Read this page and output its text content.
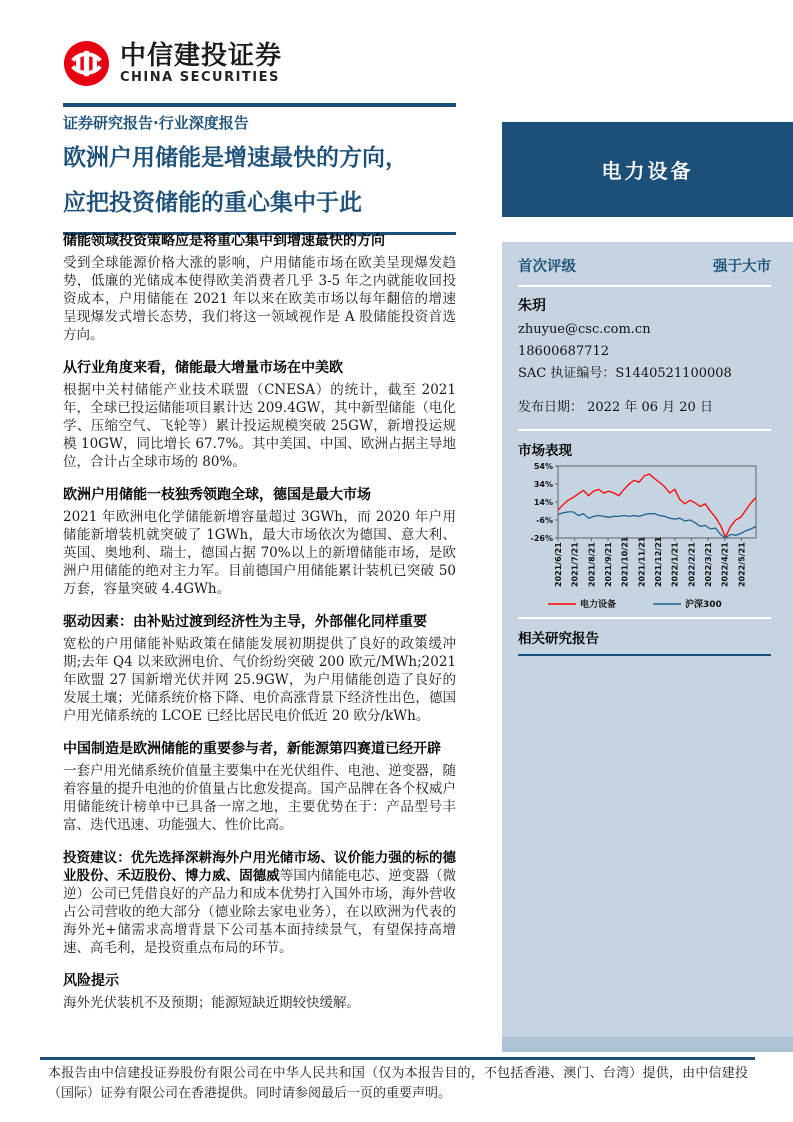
中信建投证券
CHINA SECURITIES
证券研究报告·行业深度报告
欧洲户用储能是增速最快的方向，
应把投资储能的重心集中于此
储能领域投资策略应是将重心集中到增速最快的方向

受到全球能源价格大涨的影响，户用储能市场在欧美呈现爆发趋势，低廉的光储成本使得欧美消费者几乎 3-5 年之内就能收回投资成本，户用储能在 2021 年以来在欧美市场以每年翻倍的增速呈现爆发式增长态势，我们将这一领域视作是 A 股储能投资首选方向。

从行业角度来看，储能最大增量市场在中美欧

根据中关村储能产业技术联盟（CNESA）的统计，截至 2021 年，全球已投运储能项目累计达 209.4GW，其中新型储能（电化学、压缩空气、飞轮等）累计投运规模突破 25GW，新增投运规模 10GW，同比增长 67.7%。其中美国、中国、欧洲占据主导地位，合计占全球市场的 80%。

欧洲户用储能一枝独秀领跑全球，德国是最大市场

2021 年欧洲电化学储能新增容量超过 3GWh，而 2020 年户用储能新增装机就突破了 1GWh，最大市场依次为德国、意大利、英国、奥地利、瑞士，德国占据 70%以上的新增储能市场，是欧洲户用储能的绝对主力军。目前德国户用储能累计装机已突破 50 万套，容量突破 4.4GWh。

驱动因素：由补贴过渡到经济性为主导，外部催化同样重要

宽松的户用储能补贴政策在储能发展初期提供了良好的政策缓冲期;去年 Q4 以来欧洲电价、气价纷纷突破 200 欧元/MWh;2021 年欧盟 27 国新增光伏并网 25.9GW，为户用储能创造了良好的发展土壤；光储系统价格下降、电价高涨背景下经济性出色，德国户用光储系统的 LCOE 已经比居民电价低近 20 欧分/kWh。

中国制造是欧洲储能的重要参与者，新能源第四赛道已经开辟

一套户用光储系统价值量主要集中在光伏组件、电池、逆变器，随着容量的提升电池的价值量占比愈发提高。国产品牌在各个权威户用储能统计榜单中已具备一席之地，主要优势在于：产品型号丰富、迭代迅速、功能强大、性价比高。

投资建议：优先选择深耕海外户用光储市场、议价能力强的标的德业股份、禾迈股份、博力威、固德威等国内储能电芯、逆变器（微逆）公司已凭借良好的产品力和成本优势打入国外市场，海外营收占公司营收的绝大部分（德业除去家电业务），在以欧洲为代表的海外光+储需求高增背景下公司基本面持续景气，有望保持高增速、高毛利，是投资重点布局的环节。

风险提示

海外光伏装机不及预期；能源短缺近期较快缓解。

电力设备
首次评级	强于大市
朱玥
zhuyue@csc.com.cn
18600687712
SAC 执证编号：S1440521100008
发布日期： 2022 年 06 月 20 日
市场表现
54%
34%
14%
-6%
-26%
2021/6/21 2021/7/21 2021/8/21 2021/9/21 2021/10/21 2021/11/21 2021/12/21 2022/1/21 2022/2/21 2022/3/21 2022/4/21 2022/5/21
电力设备	沪深300
相关研究报告
本报告由中信建投证券股份有限公司在中华人民共和国（仅为本报告目的，不包括香港、澳门、台湾）提供，由中信建投（国际）证券有限公司在香港提供。同时请参阅最后一页的重要声明。
